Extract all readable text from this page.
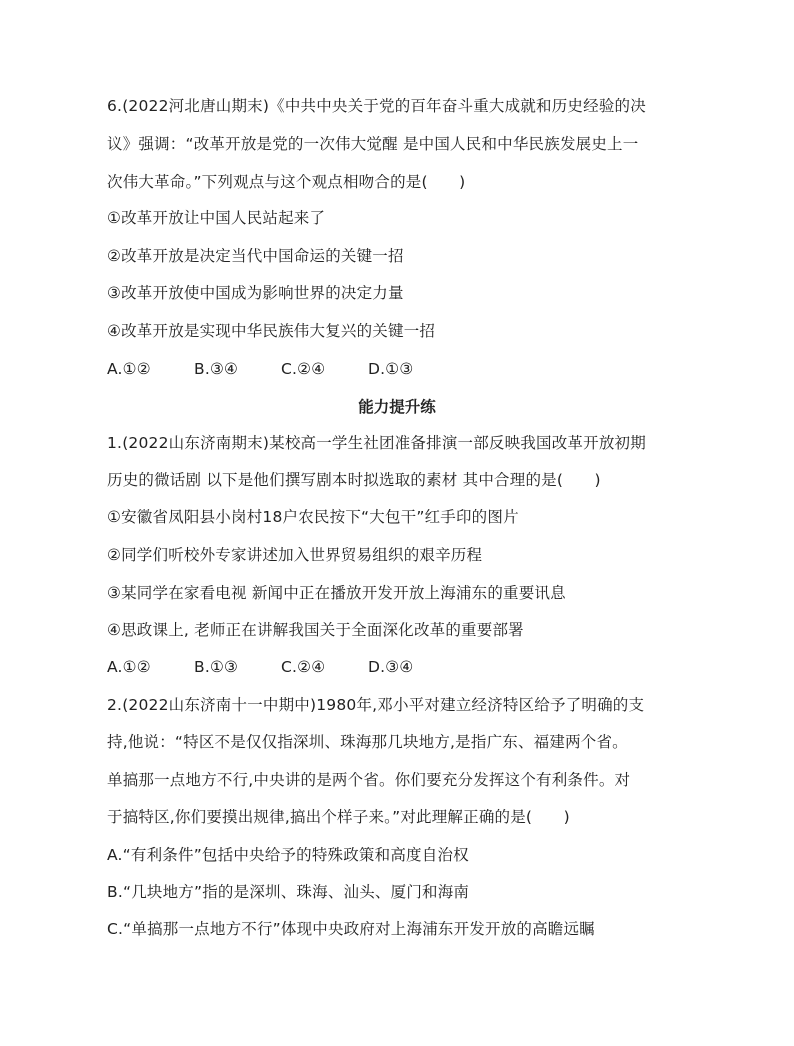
6.(2022河北唐山期末)《中共中央关于党的百年奋斗重大成就和历史经验的决
议》强调：“改革开放是党的一次伟大觉醒 是中国人民和中华民族发展史上一
次伟大革命。”下列观点与这个观点相吻合的是(　　)
①改革开放让中国人民站起来了
②改革开放是决定当代中国命运的关键一招
③改革开放使中国成为影响世界的决定力量
④改革开放是实现中华民族伟大复兴的关键一招
A.①②	B.③④	C.②④	D.①③
能力提升练
1.(2022山东济南期末)某校高一学生社团准备排演一部反映我国改革开放初期
历史的微话剧 以下是他们撰写剧本时拟选取的素材 其中合理的是(　　)
①安徽省凤阳县小岗村18户农民按下“大包干”红手印的图片
②同学们听校外专家讲述加入世界贸易组织的艰辛历程
③某同学在家看电视 新闻中正在播放开发开放上海浦东的重要讯息
④思政课上, 老师正在讲解我国关于全面深化改革的重要部署
A.①②	B.①③	C.②④	D.③④
2.(2022山东济南十一中期中)1980年,邓小平对建立经济特区给予了明确的支
持,他说：“特区不是仅仅指深圳、珠海那几块地方,是指广东、福建两个省。
单搞那一点地方不行,中央讲的是两个省。你们要充分发挥这个有利条件。对
于搞特区,你们要摸出规律,搞出个样子来。”对此理解正确的是(　　)
A.“有利条件”包括中央给予的特殊政策和高度自治权
B.“几块地方”指的是深圳、珠海、汕头、厦门和海南
C.“单搞那一点地方不行”体现中央政府对上海浦东开发开放的高瞻远瞩
